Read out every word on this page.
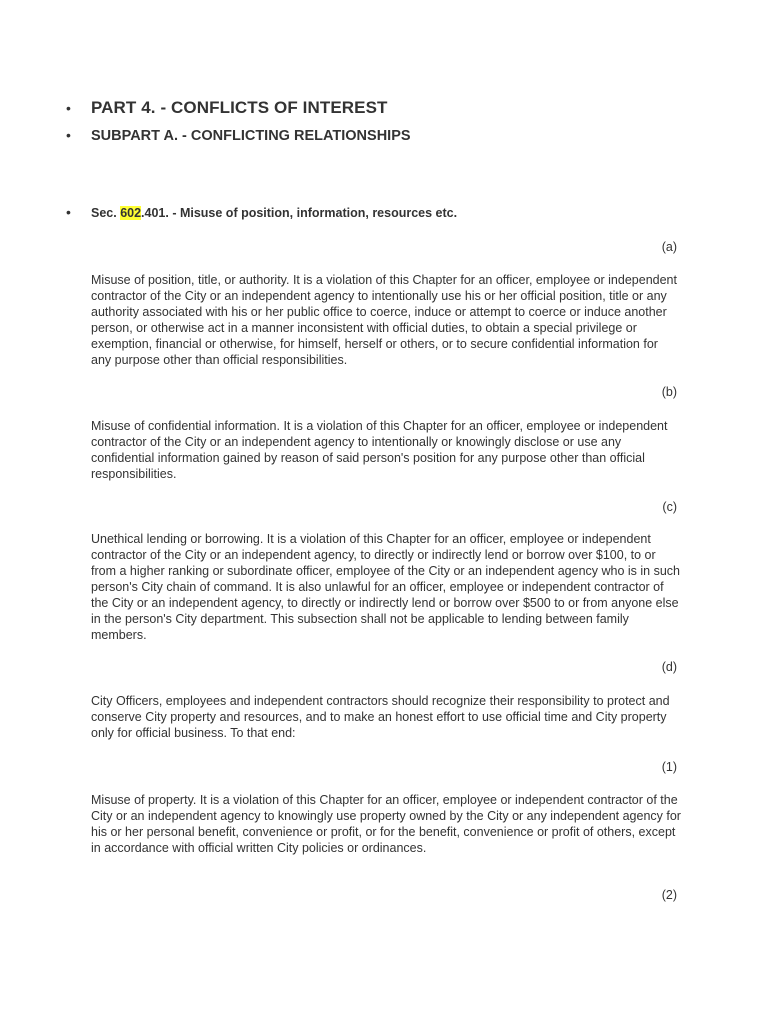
•	PART 4. - CONFLICTS OF INTEREST
•	SUBPART A. - CONFLICTING RELATIONSHIPS
•	Sec. 602.401. - Misuse of position, information, resources etc.
(a)

Misuse of position, title, or authority. It is a violation of this Chapter for an officer, employee or independent contractor of the City or an independent agency to intentionally use his or her official position, title or any authority associated with his or her public office to coerce, induce or attempt to coerce or induce another person, or otherwise act in a manner inconsistent with official duties, to obtain a special privilege or exemption, financial or otherwise, for himself, herself or others, or to secure confidential information for any purpose other than official responsibilities.

(b)

Misuse of confidential information. It is a violation of this Chapter for an officer, employee or independent contractor of the City or an independent agency to intentionally or knowingly disclose or use any confidential information gained by reason of said person's position for any purpose other than official responsibilities.

(c)

Unethical lending or borrowing. It is a violation of this Chapter for an officer, employee or independent contractor of the City or an independent agency, to directly or indirectly lend or borrow over $100, to or from a higher ranking or subordinate officer, employee of the City or an independent agency who is in such person's City chain of command. It is also unlawful for an officer, employee or independent contractor of the City or an independent agency, to directly or indirectly lend or borrow over $500 to or from anyone else in the person's City department. This subsection shall not be applicable to lending between family members.

(d)

City Officers, employees and independent contractors should recognize their responsibility to protect and conserve City property and resources, and to make an honest effort to use official time and City property only for official business. To that end:

(1)

Misuse of property. It is a violation of this Chapter for an officer, employee or independent contractor of the City or an independent agency to knowingly use property owned by the City or any independent agency for his or her personal benefit, convenience or profit, or for the benefit, convenience or profit of others, except in accordance with official written City policies or ordinances.

(2)
